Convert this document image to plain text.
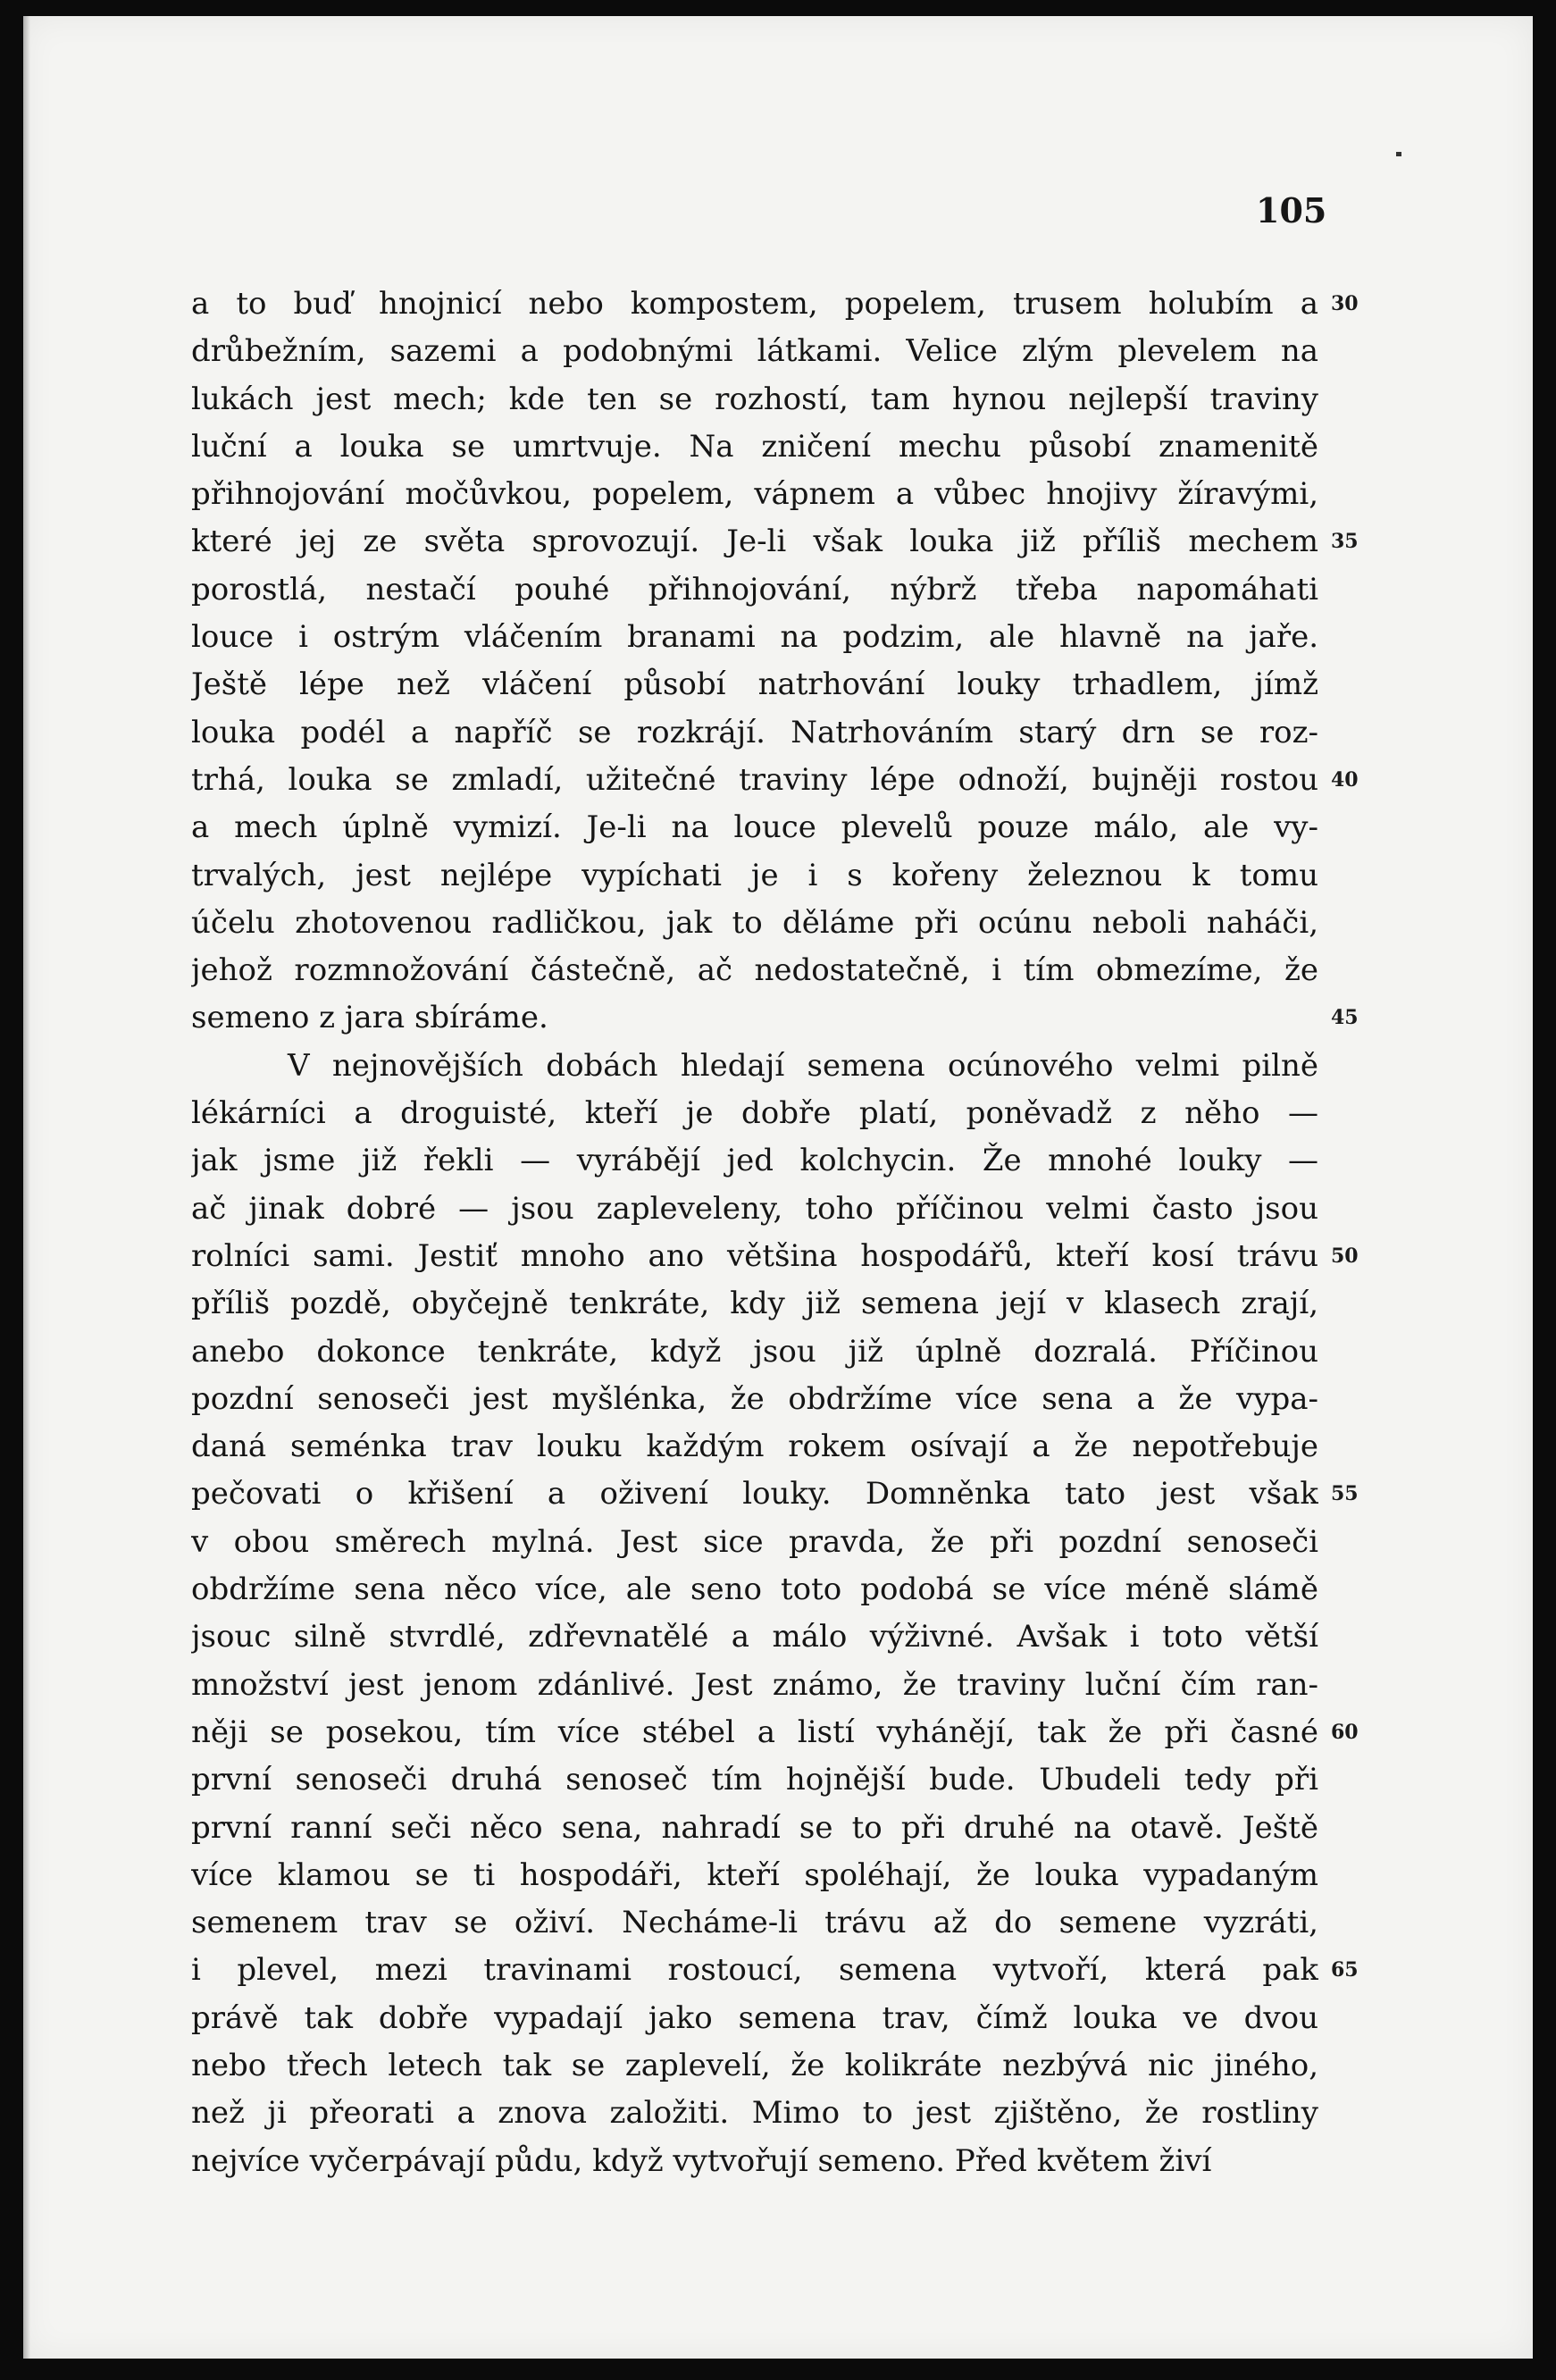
105
a to buď hnojnicí nebo kompostem, popelem, trusem holubím a 30
drůbežním, sazemi a podobnými látkami. Velice zlým plevelem na
lukách jest mech; kde ten se rozhostí, tam hynou nejlepší traviny
luční a louka se umrtvuje. Na zničení mechu působí znamenitě
přihnojování močůvkou, popelem, vápnem a vůbec hnojivy žíravými,
které jej ze světa sprovozují. Je-li však louka již příliš mechem 35
porostlá, nestačí pouhé přihnojování, nýbrž třeba napomáhati
louce i ostrým vláčením branami na podzim, ale hlavně na jaře.
Ještě lépe než vláčení působí natrhování louky trhadlem, jímž
louka podél a napříč se rozkrájí. Natrhováním starý drn se roz-
trhá, louka se zmladí, užitečné traviny lépe odnoží, bujněji rostou 40
a mech úplně vymizí. Je-li na louce plevelů pouze málo, ale vy-
trvalých, jest nejlépe vypíchati je i s kořeny železnou k tomu
účelu zhotovenou radličkou, jak to děláme při ocúnu neboli naháči,
jehož rozmnožování částečně, ač nedostatečně, i tím obmezíme, že
semeno z jara sbíráme.	45
V nejnovějších dobách hledají semena ocúnového velmi pilně
lékárníci a droguisté, kteří je dobře platí, poněvadž z něho —
jak jsme již řekli — vyrábějí jed kolchycin. Že mnohé louky —
ač jinak dobré — jsou zapleveleny, toho příčinou velmi často jsou
rolníci sami. Jestiť mnoho ano většina hospodářů, kteří kosí trávu 50
příliš pozdě, obyčejně tenkráte, kdy již semena její v klasech zrají,
anebo dokonce tenkráte, když jsou již úplně dozralá. Příčinou
pozdní senoseči jest myšlénka, že obdržíme více sena a že vypa-
daná seménka trav louku každým rokem osívají a že nepotřebuje
pečovati o křišení a oživení louky. Domněnka tato jest však 55
v obou směrech mylná. Jest sice pravda, že při pozdní senoseči
obdržíme sena něco více, ale seno toto podobá se více méně slámě
jsouc silně stvrdlé, zdřevnatělé a málo výživné. Avšak i toto větší
množství jest jenom zdánlivé. Jest známo, že traviny luční čím ran-
něji se posekou, tím více stébel a listí vyhánějí, tak že při časné 60
první senoseči druhá senoseč tím hojnější bude. Ubudeli tedy při
první ranní seči něco sena, nahradí se to při druhé na otavě. Ještě
více klamou se ti hospodáři, kteří spoléhají, že louka vypadaným
semenem trav se oživí. Necháme-li trávu až do semene vyzráti,
i plevel, mezi travinami rostoucí, semena vytvoří, která pak 65
právě tak dobře vypadají jako semena trav, čímž louka ve dvou
nebo třech letech tak se zaplevelí, že kolikráte nezbývá nic jiného,
než ji přeorati a znova založiti. Mimo to jest zjištěno, že rostliny
nejvíce vyčerpávají půdu, když vytvořují semeno. Před květem živí
